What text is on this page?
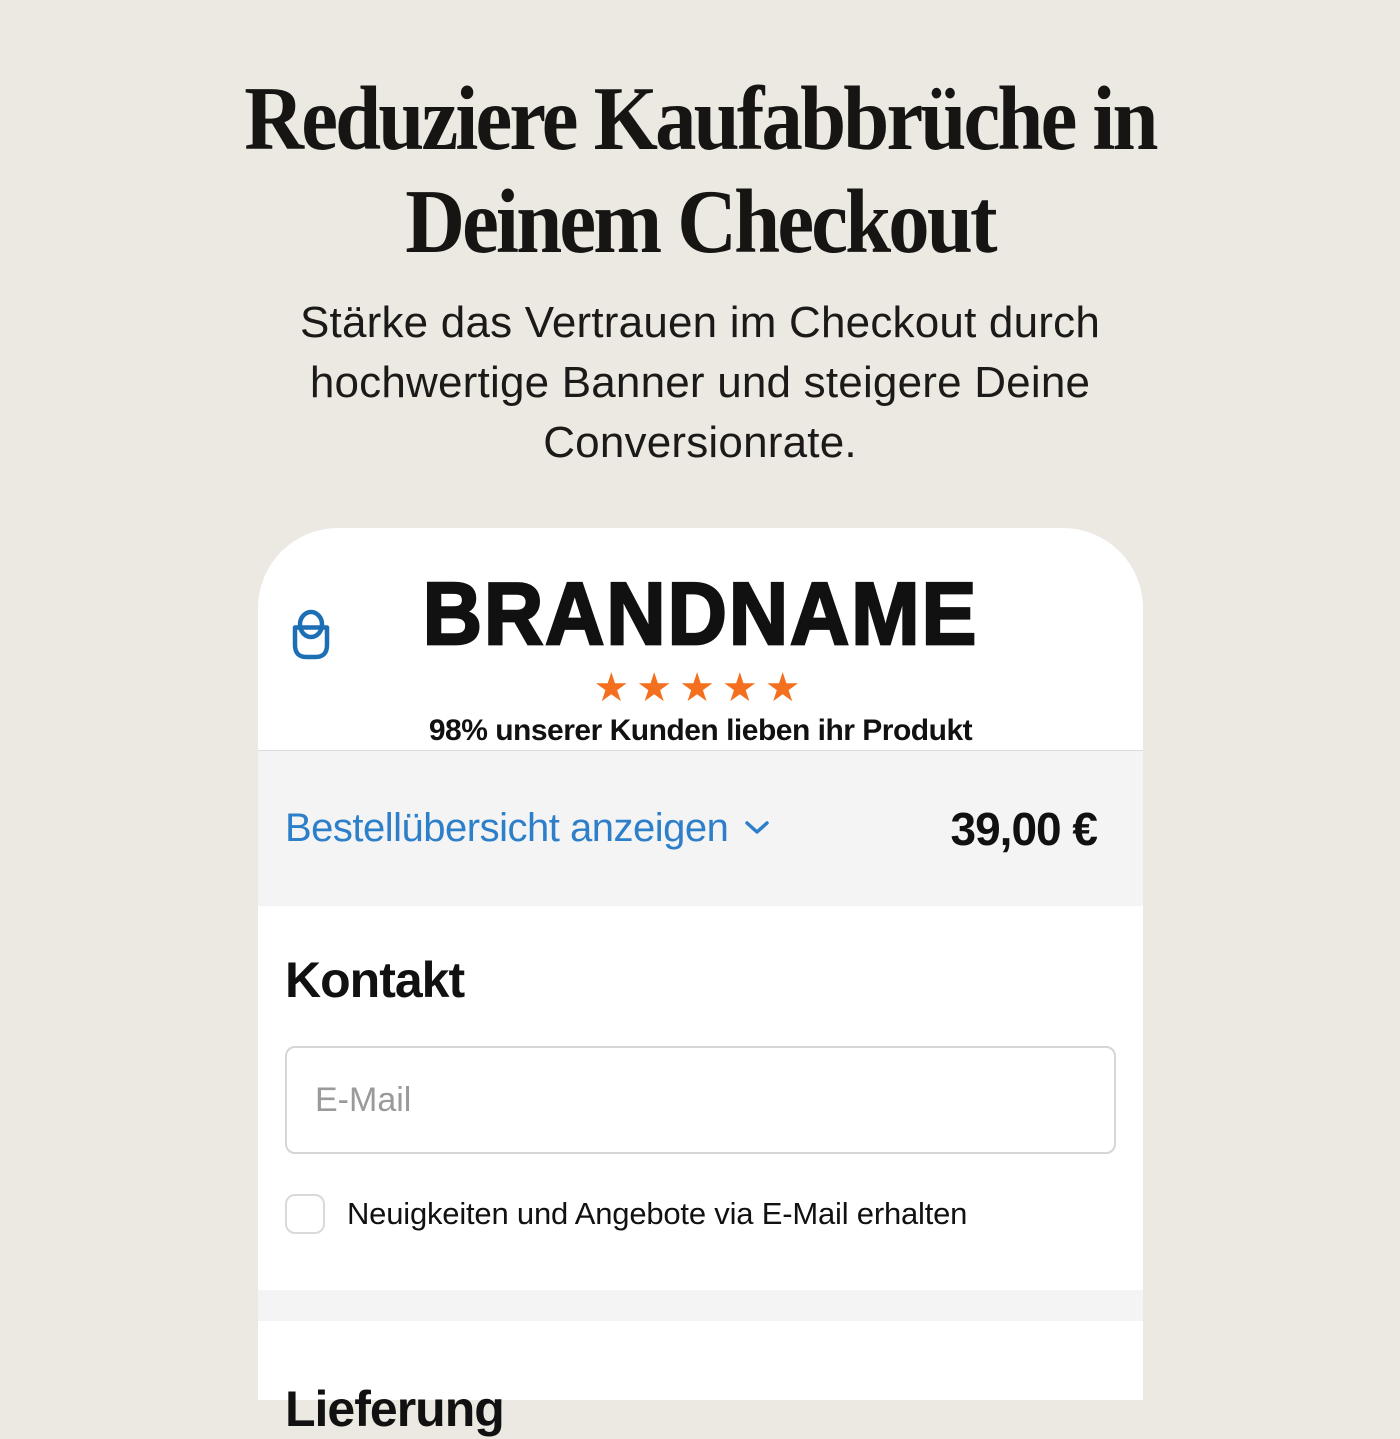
Reduziere Kaufabbrüche in
Deinem Checkout

Stärke das Vertrauen im Checkout durch
hochwertige Banner und steigere Deine
Conversionrate.

BRANDNAME
★★★★★
98% unserer Kunden lieben ihr Produkt
Bestellübersicht anzeigen	39,00 €
Kontakt
E-Mail
Neuigkeiten und Angebote via E-Mail erhalten
Lieferung
